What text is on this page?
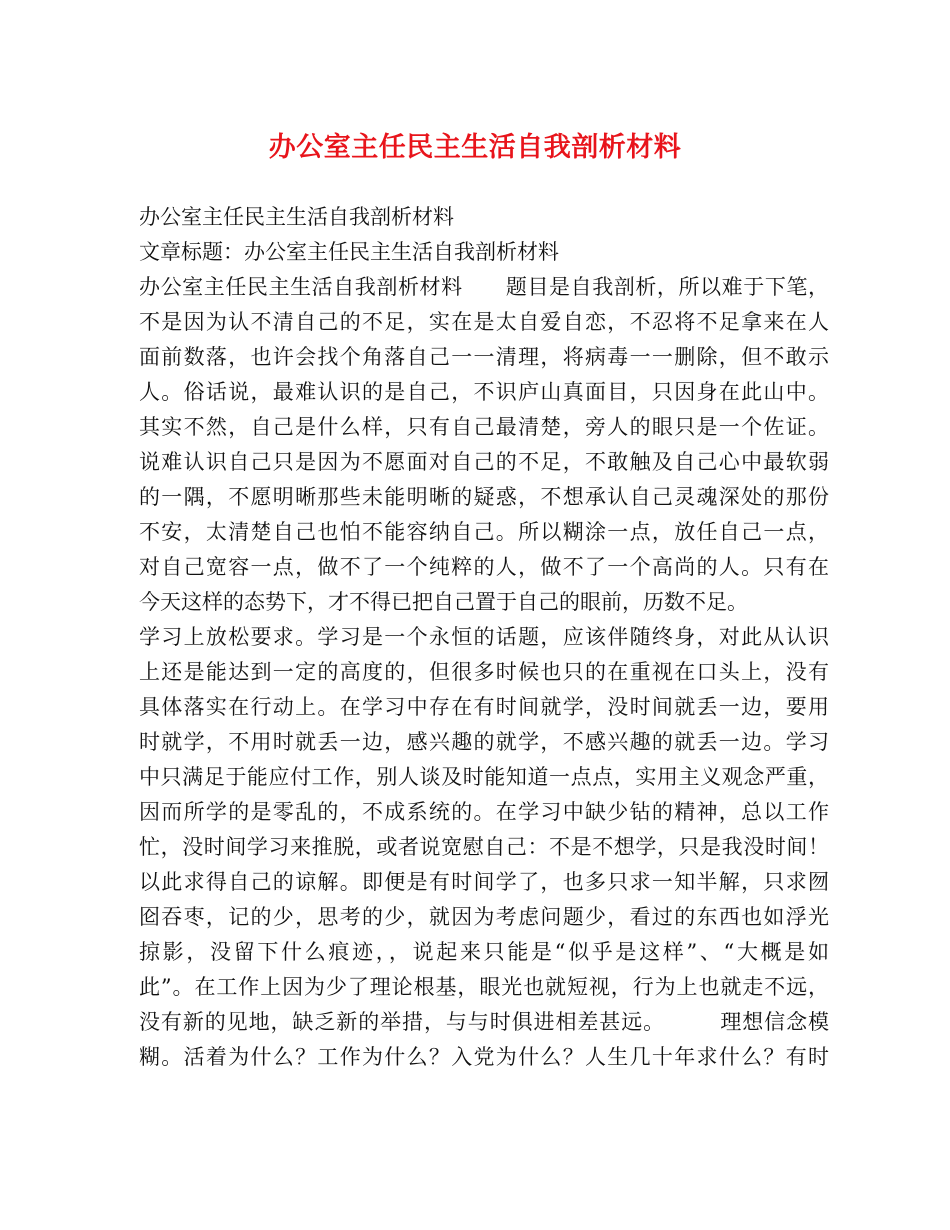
办公室主任民主生活自我剖析材料
办公室主任民主生活自我剖析材料
文章标题：办公室主任民主生活自我剖析材料
办公室主任民主生活自我剖析材料　　题目是自我剖析，所以难于下笔，
不是因为认不清自己的不足，实在是太自爱自恋，不忍将不足拿来在人
面前数落，也许会找个角落自己一一清理，将病毒一一删除，但不敢示
人。俗话说，最难认识的是自己，不识庐山真面目，只因身在此山中。
其实不然，自己是什么样，只有自己最清楚，旁人的眼只是一个佐证。
说难认识自己只是因为不愿面对自己的不足，不敢触及自己心中最软弱
的一隅，不愿明晰那些未能明晰的疑惑，不想承认自己灵魂深处的那份
不安，太清楚自己也怕不能容纳自己。所以糊涂一点，放任自己一点，
对自己宽容一点，做不了一个纯粹的人，做不了一个高尚的人。只有在
今天这样的态势下，才不得已把自己置于自己的眼前，历数不足。
学习上放松要求。学习是一个永恒的话题，应该伴随终身，对此从认识
上还是能达到一定的高度的，但很多时候也只的在重视在口头上，没有
具体落实在行动上。在学习中存在有时间就学，没时间就丢一边，要用
时就学，不用时就丢一边，感兴趣的就学，不感兴趣的就丢一边。学习
中只满足于能应付工作，别人谈及时能知道一点点，实用主义观念严重，
因而所学的是零乱的，不成系统的。在学习中缺少钻的精神，总以工作
忙，没时间学习来推脱，或者说宽慰自己：不是不想学，只是我没时间！
以此求得自己的谅解。即便是有时间学了，也多只求一知半解，只求囫
囵吞枣，记的少，思考的少，就因为考虑问题少，看过的东西也如浮光
掠影，没留下什么痕迹，，说起来只能是“似乎是这样”、“大概是如
此”。在工作上因为少了理论根基，眼光也就短视，行为上也就走不远，
没有新的见地，缺乏新的举措，与与时俱进相差甚远。　　　理想信念模
糊。活着为什么？工作为什么？入党为什么？人生几十年求什么？有时
